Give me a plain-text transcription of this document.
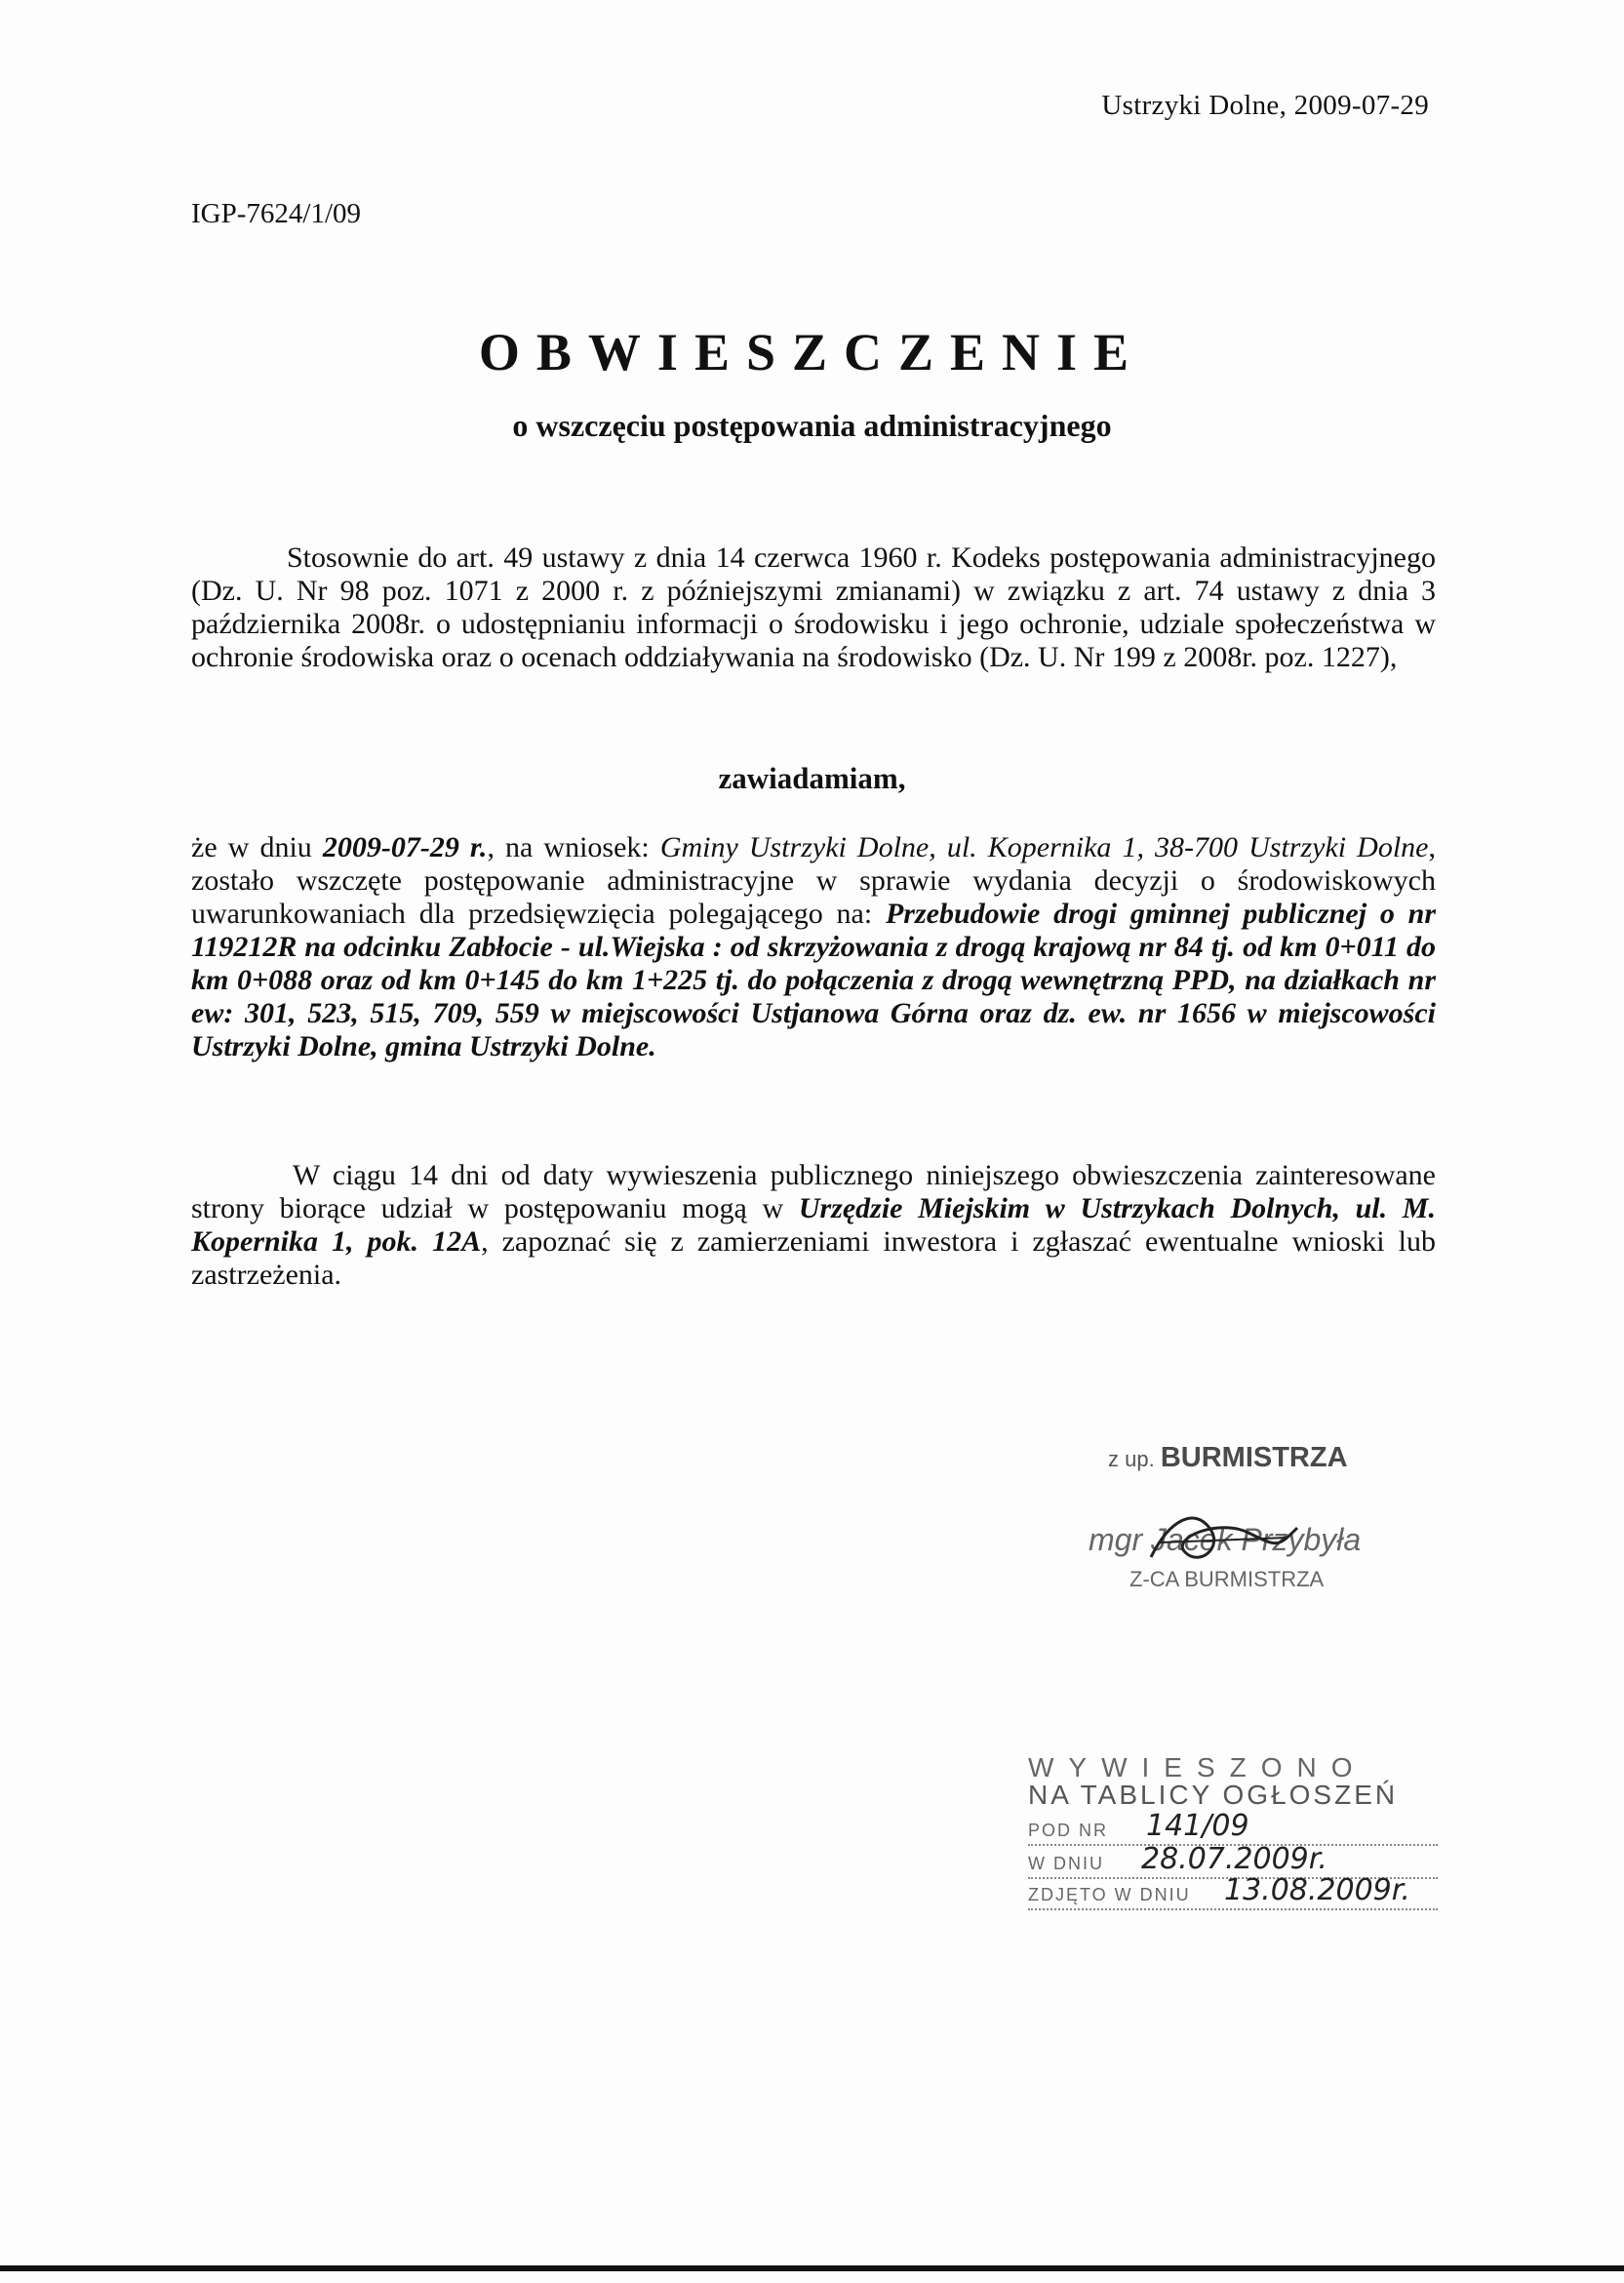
Ustrzyki Dolne, 2009-07-29
IGP-7624/1/09
OBWIESZCZENIE
o wszczęciu postępowania administracyjnego
Stosownie do art. 49 ustawy z dnia 14 czerwca 1960 r. Kodeks postępowania administracyjnego (Dz. U. Nr 98 poz. 1071 z 2000 r. z późniejszymi zmianami) w związku z art. 74 ustawy z dnia 3 października 2008r. o udostępnianiu informacji o środowisku i jego ochronie, udziale społeczeństwa w ochronie środowiska oraz o ocenach oddziaływania na środowisko (Dz. U. Nr 199 z 2008r. poz. 1227),
zawiadamiam,
że w dniu 2009-07-29 r., na wniosek: Gminy Ustrzyki Dolne, ul. Kopernika 1, 38-700 Ustrzyki Dolne, zostało wszczęte postępowanie administracyjne w sprawie wydania decyzji o środowiskowych uwarunkowaniach dla przedsięwzięcia polegającego na: Przebudowie drogi gminnej publicznej o nr 119212R na odcinku Zabłocie - ul.Wiejska : od skrzyżowania z drogą krajową nr 84 tj. od km 0+011 do km 0+088 oraz od km 0+145 do km 1+225 tj. do połączenia z drogą wewnętrzną PPD, na działkach nr ew: 301, 523, 515, 709, 559 w miejscowości Ustjanowa Górna oraz dz. ew. nr 1656 w miejscowości Ustrzyki Dolne, gmina Ustrzyki Dolne.
W ciągu 14 dni od daty wywieszenia publicznego niniejszego obwieszczenia zainteresowane strony biorące udział w postępowaniu mogą w Urzędzie Miejskim w Ustrzykach Dolnych, ul. M. Kopernika 1, pok. 12A, zapoznać się z zamierzeniami inwestora i zgłaszać ewentualne wnioski lub zastrzeżenia.
z up. BURMISTRZA
mgr Jacek Przybyła
Z-CA BURMISTRZA
WYWIESZONO
NA TABLICY OGŁOSZEŃ
POD NR
W DNIU
ZDJĘTO W DNIU
141/09
28.07.2009r.
13.08.2009r.
